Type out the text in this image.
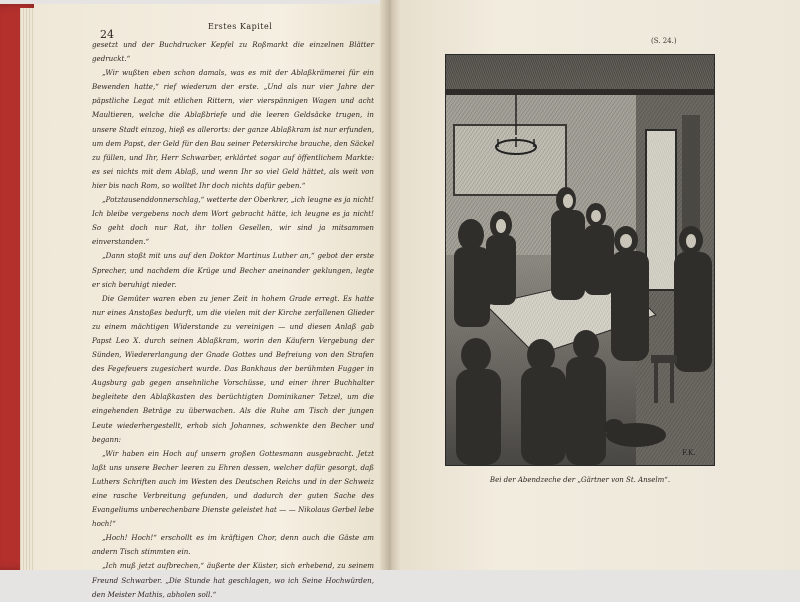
24
Erstes Kapitel

gesetzt und der Buchdrucker Kepfel zu Roßmarkt die einzelnen Blätter gedruckt.“

„Wir wußten eben schon damals, was es mit der Ablaßkrämerei für ein Bewenden hatte,“ rief wiederum der erste. „Und als nur vier Jahre der päpstliche Legat mit etlichen Rittern, vier vierspännigen Wagen und acht Maultieren, welche die Ablaßbriefe und die leeren Geldsäcke trugen, in unsere Stadt einzog, hieß es allerorts: der ganze Ablaßkram ist nur erfunden, um dem Papst, der Geld für den Bau seiner Peterskirche brauche, den Säckel zu füllen, und Ihr, Herr Schwarber, erklärtet sogar auf öffentlichem Markte: es sei nichts mit dem Ablaß, und wenn Ihr so viel Geld hättet, als weit von hier bis nach Rom, so wolltet Ihr doch nichts dafür geben.“

„Potztausenddonnerschlag,“ wetterte der Oberkrer, „ich leugne es ja nicht! Ich bleibe vergebens noch dem Wort gebracht hätte, ich leugne es ja nicht! So geht doch nur Rat, ihr tollen Gesellen, wir sind ja mitsammen einverstanden.“

„Dann stoßt mit uns auf den Doktor Martinus Luther an,“ gebot der erste Sprecher, und nachdem die Krüge und Becher aneinander geklungen, legte er sich beruhigt nieder.

Die Gemüter waren eben zu jener Zeit in hohem Grade erregt. Es hatte nur eines Anstoßes bedurft, um die vielen mit der Kirche zerfallenen Glieder zu einem mächtigen Widerstande zu vereinigen — und diesen Anlaß gab Papst Leo X. durch seinen Ablaßkram, worin den Käufern Vergebung der Sünden, Wiedererlangung der Gnade Gottes und Befreiung von den Strafen des Fegefeuers zugesichert wurde. Das Bankhaus der berühmten Fugger in Augsburg gab gegen ansehnliche Vorschüsse, und einer ihrer Buchhalter begleitete den Ablaßkasten des berüchtigten Dominikaner Tetzel, um die eingehenden Beträge zu überwachen. Als die Ruhe am Tisch der jungen Leute wiederhergestellt, erhob sich Johannes, schwenkte den Becher und begann:

„Wir haben ein Hoch auf unsern großen Gottesmann ausgebracht. Jetzt laßt uns unsere Becher leeren zu Ehren dessen, welcher dafür gesorgt, daß Luthers Schriften auch im Westen des Deutschen Reichs und in der Schweiz eine rasche Verbreitung gefunden, und dadurch der guten Sache des Evangeliums unberechenbare Dienste geleistet hat — — Nikolaus Gerbel lebe hoch!“

„Hoch! Hoch!“ erschollt es im kräftigen Chor, denn auch die Gäste am andern Tisch stimmten ein.

„Ich muß jetzt aufbrechen,“ äußerte der Küster, sich erhebend, zu seinem Freund Schwarber. „Die Stunde hat geschlagen, wo ich Seine Hochwürden, den Meister Mathis, abholen soll.“

(S. 24.)
F.K.
Bei der Abendzeche der „Gärtner von St. Anselm“.
